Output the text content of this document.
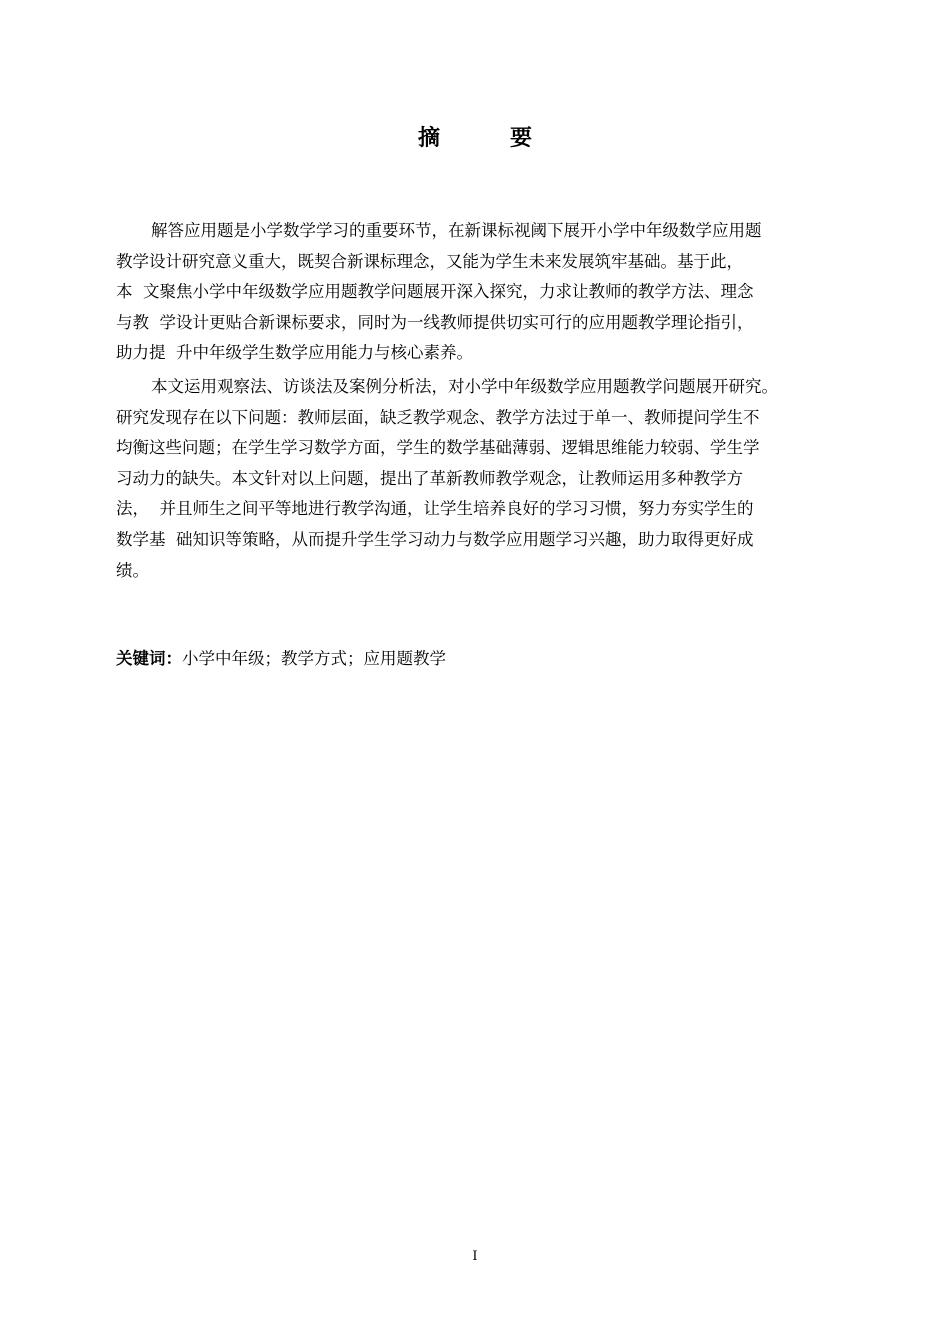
摘　要

解答应用题是小学数学学习的重要环节，在新课标视阈下展开小学中年级数学应用题
教学设计研究意义重大，既契合新课标理念，又能为学生未来发展筑牢基础。基于此，
本  文聚焦小学中年级数学应用题教学问题展开深入探究，力求让教师的教学方法、理念
与教  学设计更贴合新课标要求，同时为一线教师提供切实可行的应用题教学理论指引，
助力提  升中年级学生数学应用能力与核心素养。

本文运用观察法、访谈法及案例分析法，对小学中年级数学应用题教学问题展开研究。
研究发现存在以下问题：教师层面，缺乏教学观念、教学方法过于单一、教师提问学生不
均衡这些问题；在学生学习数学方面，学生的数学基础薄弱、逻辑思维能力较弱、学生学
习动力的缺失。本文针对以上问题，提出了革新教师教学观念，让教师运用多种教学方
法，  并且师生之间平等地进行教学沟通，让学生培养良好的学习习惯，努力夯实学生的
数学基  础知识等策略，从而提升学生学习动力与数学应用题学习兴趣，助力取得更好成
绩。

关键词：小学中年级；教学方式；应用题教学
I
